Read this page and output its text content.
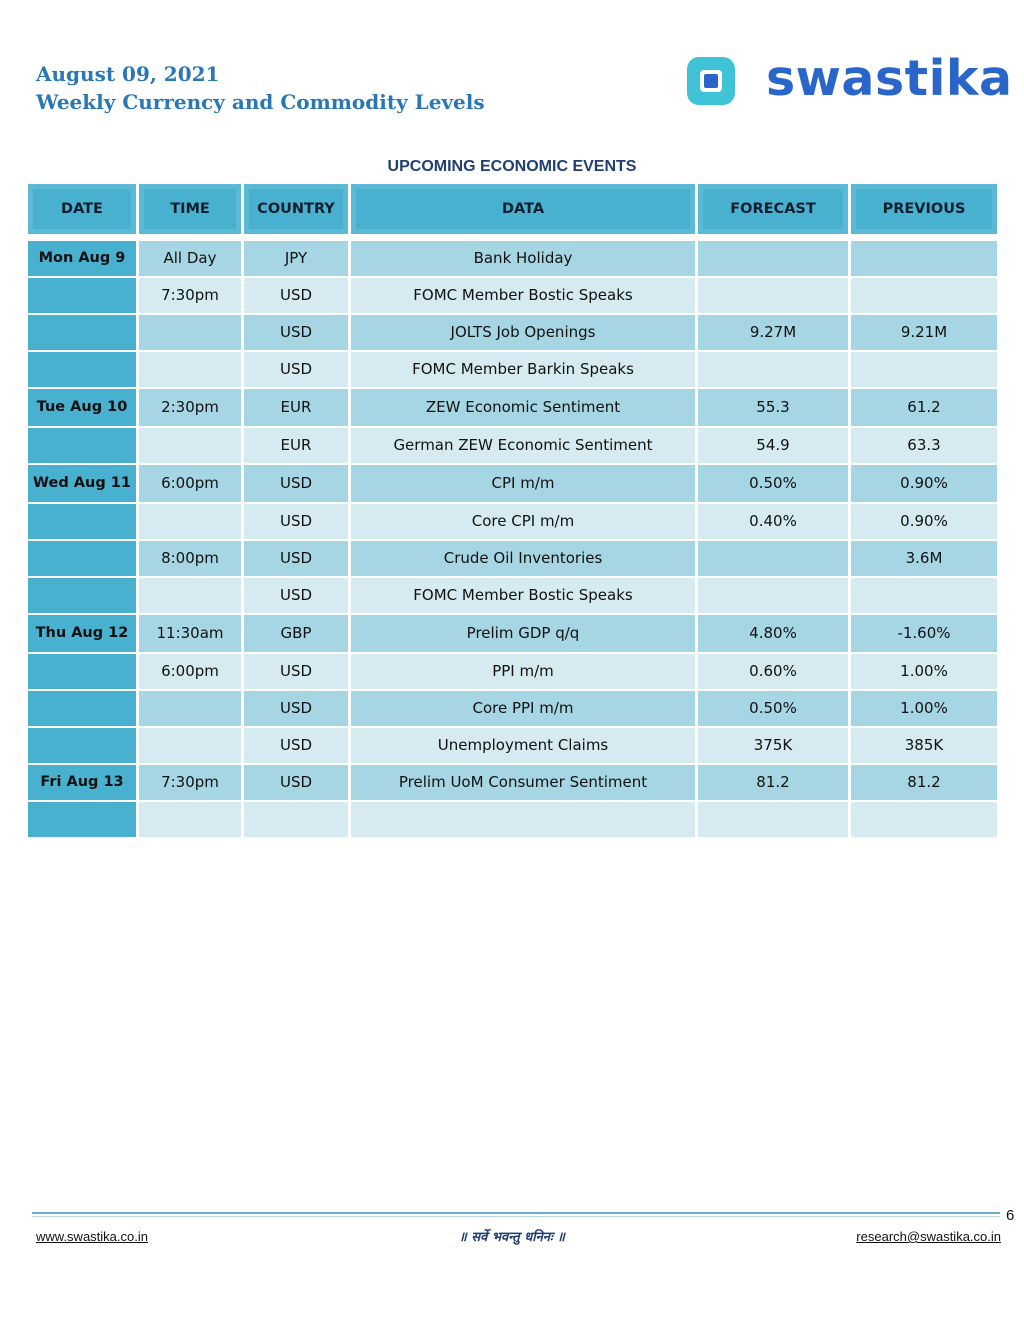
August 09, 2021
Weekly Currency and Commodity Levels	swastika
UPCOMING ECONOMIC EVENTS
DATE	TIME	COUNTRY	DATA	FORECAST	PREVIOUS

Mon Aug 9	All Day	JPY	Bank Holiday		
	7:30pm	USD	FOMC Member Bostic Speaks		
		USD	JOLTS Job Openings	9.27M	9.21M
		USD	FOMC Member Barkin Speaks		
Tue Aug 10	2:30pm	EUR	ZEW Economic Sentiment	55.3	61.2
		EUR	German ZEW Economic Sentiment	54.9	63.3
Wed Aug 11	6:00pm	USD	CPI m/m	0.50%	0.90%
		USD	Core CPI m/m	0.40%	0.90%
	8:00pm	USD	Crude Oil Inventories		3.6M
		USD	FOMC Member Bostic Speaks		
Thu Aug 12	11:30am	GBP	Prelim GDP q/q	4.80%	-1.60%
	6:00pm	USD	PPI m/m	0.60%	1.00%
		USD	Core PPI m/m	0.50%	1.00%
		USD	Unemployment Claims	375K	385K
Fri Aug 13	7:30pm	USD	Prelim UoM Consumer Sentiment	81.2	81.2

6
www.swastika.co.in	॥ सर्वे भवन्तु धनिनः ॥	research@swastika.co.in
